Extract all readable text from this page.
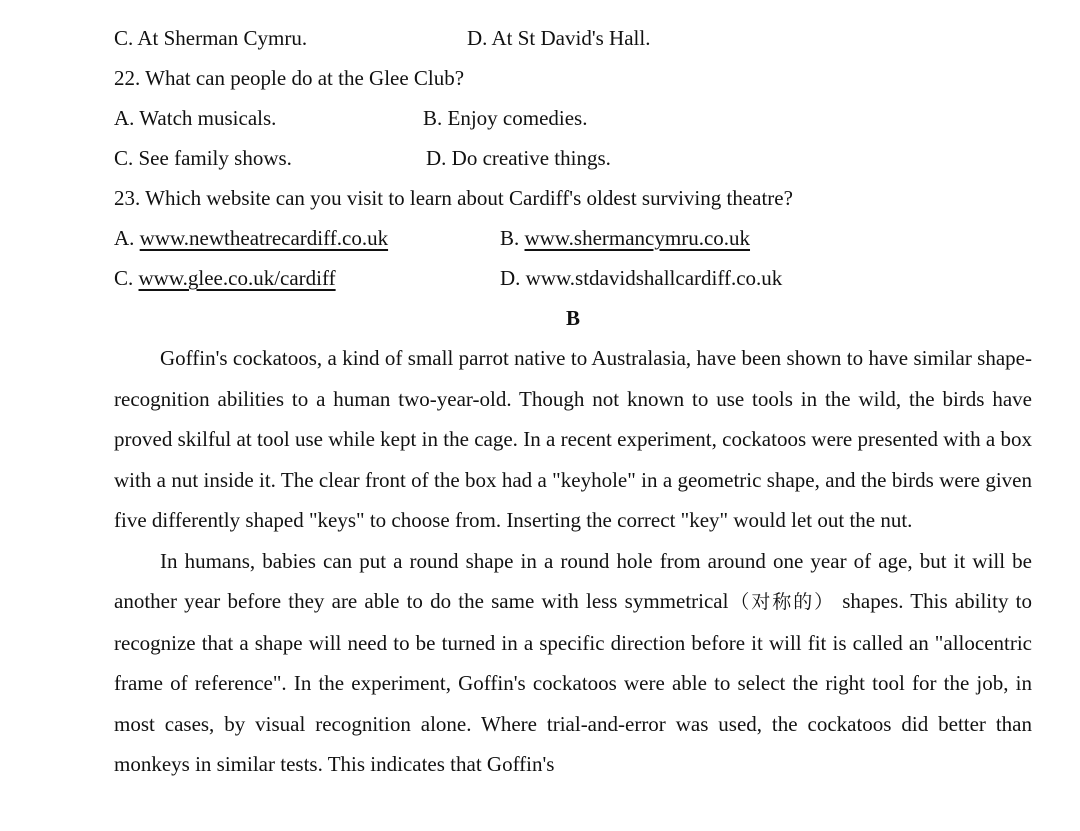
C. At Sherman Cymru.	D. At St David's Hall.
22. What can people do at the Glee Club?
A. Watch musicals.	B. Enjoy comedies.
C. See family shows.	D. Do creative things.
23. Which website can you visit to learn about Cardiff's oldest surviving theatre?
A. www.newtheatrecardiff.co.uk	B. www.shermancymru.co.uk
C. www.glee.co.uk/cardiff	D. www.stdavidshallcardiff.co.uk
B

Goffin's cockatoos, a kind of small parrot native to Australasia, have been shown to have similar shape-recognition abilities to a human two-year-old. Though not known to use tools in the wild, the birds have proved skilful at tool use while kept in the cage. In a recent experiment, cockatoos were presented with a box with a nut inside it. The clear front of the box had a "keyhole" in a geometric shape, and the birds were given five differently shaped "keys" to choose from. Inserting the correct "key" would let out the nut.

In humans, babies can put a round shape in a round hole from around one year of age, but it will be another year before they are able to do the same with less symmetrical（对称的） shapes. This ability to recognize that a shape will need to be turned in a specific direction before it will fit is called an "allocentric frame of reference". In the experiment, Goffin's cockatoos were able to select the right tool for the job, in most cases, by visual recognition alone. Where trial-and-error was used, the cockatoos did better than monkeys in similar tests. This indicates that Goffin's
